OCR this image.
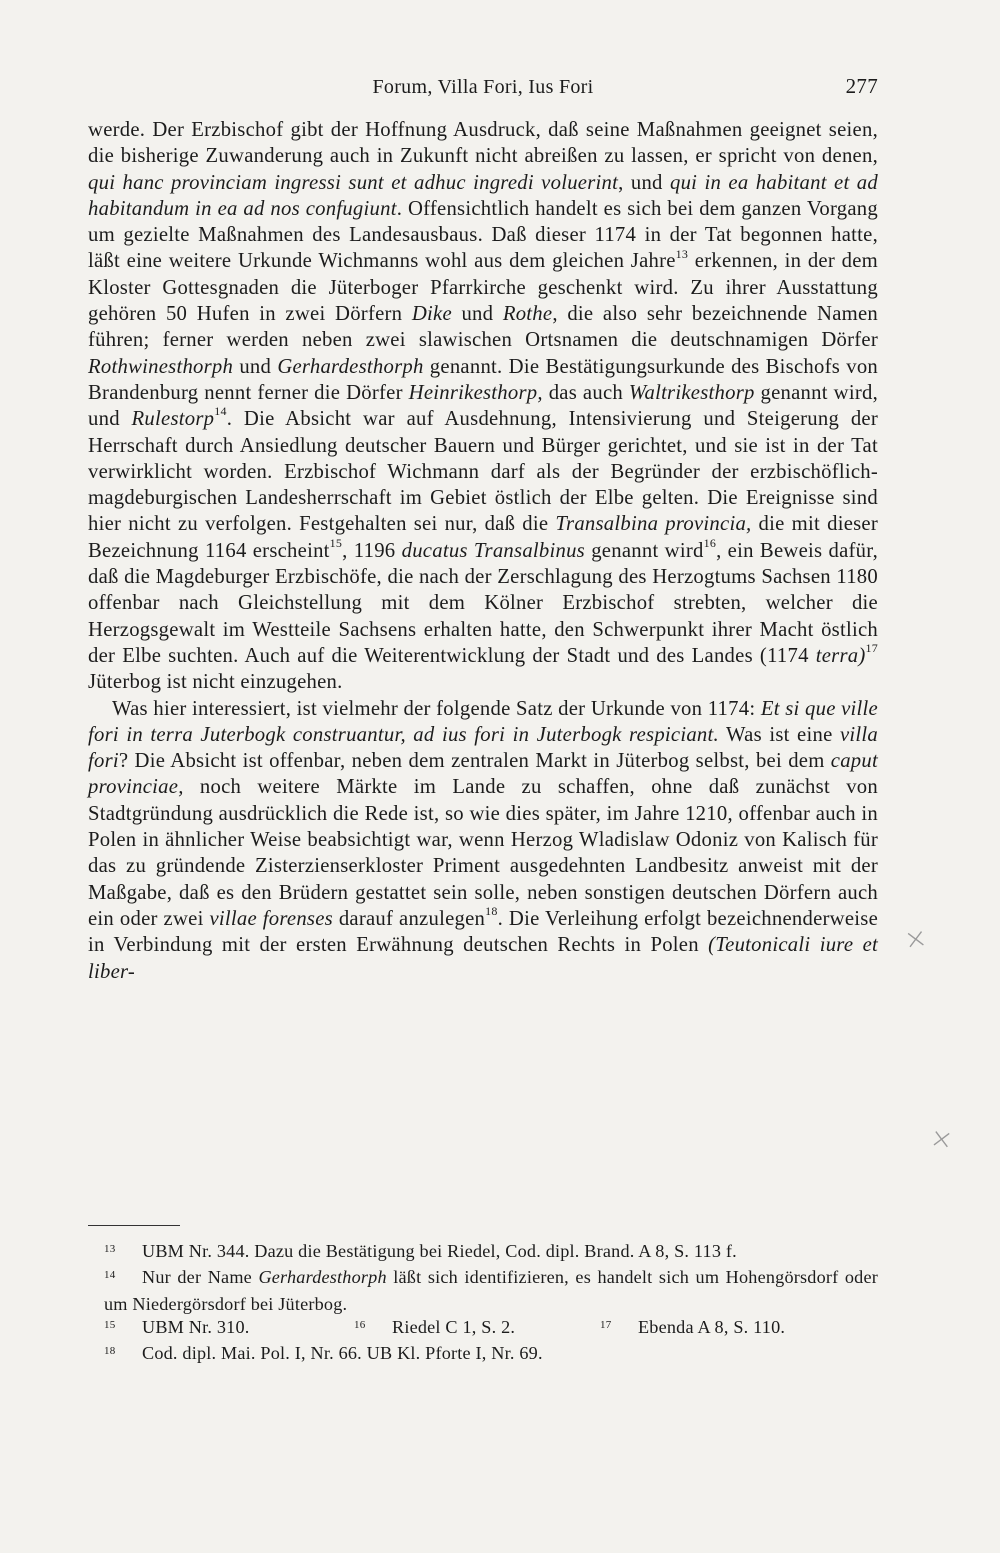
Forum, Villa Fori, Ius Fori	277

werde. Der Erzbischof gibt der Hoffnung Ausdruck, daß seine Maßnahmen geeignet seien, die bisherige Zuwanderung auch in Zukunft nicht abreißen zu lassen, er spricht von denen, qui hanc provinciam ingressi sunt et adhuc ingredi voluerint, und qui in ea habitant et ad habitandum in ea ad nos confugiunt. Offensichtlich handelt es sich bei dem ganzen Vorgang um gezielte Maßnahmen des Landesausbaus. Daß dieser 1174 in der Tat begonnen hatte, läßt eine weitere Urkunde Wichmanns wohl aus dem gleichen Jahre$^{13}$ erkennen, in der dem Kloster Gottesgnaden die Jüterboger Pfarrkirche geschenkt wird. Zu ihrer Ausstattung gehören 50 Hufen in zwei Dörfern Dike und Rothe, die also sehr bezeichnende Namen führen; ferner werden neben zwei slawischen Ortsnamen die deutschnamigen Dörfer Rothwinesthorph und Gerhardesthorph genannt. Die Bestätigungsurkunde des Bischofs von Brandenburg nennt ferner die Dörfer Heinrikesthorp, das auch Waltrikesthorp genannt wird, und Rulestorp$^{14}$. Die Absicht war auf Ausdehnung, Intensivierung und Steigerung der Herrschaft durch Ansiedlung deutscher Bauern und Bürger gerichtet, und sie ist in der Tat verwirklicht worden. Erzbischof Wichmann darf als der Begründer der erzbischöflich-magdeburgischen Landesherrschaft im Gebiet östlich der Elbe gelten. Die Ereignisse sind hier nicht zu verfolgen. Festgehalten sei nur, daß die Transalbina provincia, die mit dieser Bezeichnung 1164 erscheint$^{15}$, 1196 ducatus Transalbinus genannt wird$^{16}$, ein Beweis dafür, daß die Magdeburger Erzbischöfe, die nach der Zerschlagung des Herzogtums Sachsen 1180 offenbar nach Gleichstellung mit dem Kölner Erzbischof strebten, welcher die Herzogsgewalt im Westteile Sachsens erhalten hatte, den Schwerpunkt ihrer Macht östlich der Elbe suchten. Auch auf die Weiterentwicklung der Stadt und des Landes (1174 terra)$^{17}$ Jüterbog ist nicht einzugehen.

Was hier interessiert, ist vielmehr der folgende Satz der Urkunde von 1174: Et si que ville fori in terra Juterbogk construantur, ad ius fori in Juterbogk respiciant. Was ist eine villa fori? Die Absicht ist offenbar, neben dem zentralen Markt in Jüterbog selbst, bei dem caput provinciae, noch weitere Märkte im Lande zu schaffen, ohne daß zunächst von Stadtgründung ausdrücklich die Rede ist, so wie dies später, im Jahre 1210, offenbar auch in Polen in ähnlicher Weise beabsichtigt war, wenn Herzog Wladislaw Odoniz von Kalisch für das zu gründende Zisterzienserkloster Priment ausgedehnten Landbesitz anweist mit der Maßgabe, daß es den Brüdern gestattet sein solle, neben sonstigen deutschen Dörfern auch ein oder zwei villae forenses darauf anzulegen$^{18}$. Die Verleihung erfolgt bezeichnenderweise in Verbindung mit der ersten Erwähnung deutschen Rechts in Polen (Teutonicali iure et liber-

13 UBM Nr. 344. Dazu die Bestätigung bei Riedel, Cod. dipl. Brand. A 8, S. 113 f.

14 Nur der Name Gerhardesthorph läßt sich identifizieren, es handelt sich um Hohengörsdorf oder um Niedergörsdorf bei Jüterbog.

15 UBM Nr. 310.	16 Riedel C 1, S. 2.	17 Ebenda A 8, S. 110.

18 Cod. dipl. Mai. Pol. I, Nr. 66. UB Kl. Pforte I, Nr. 69.

×
×
